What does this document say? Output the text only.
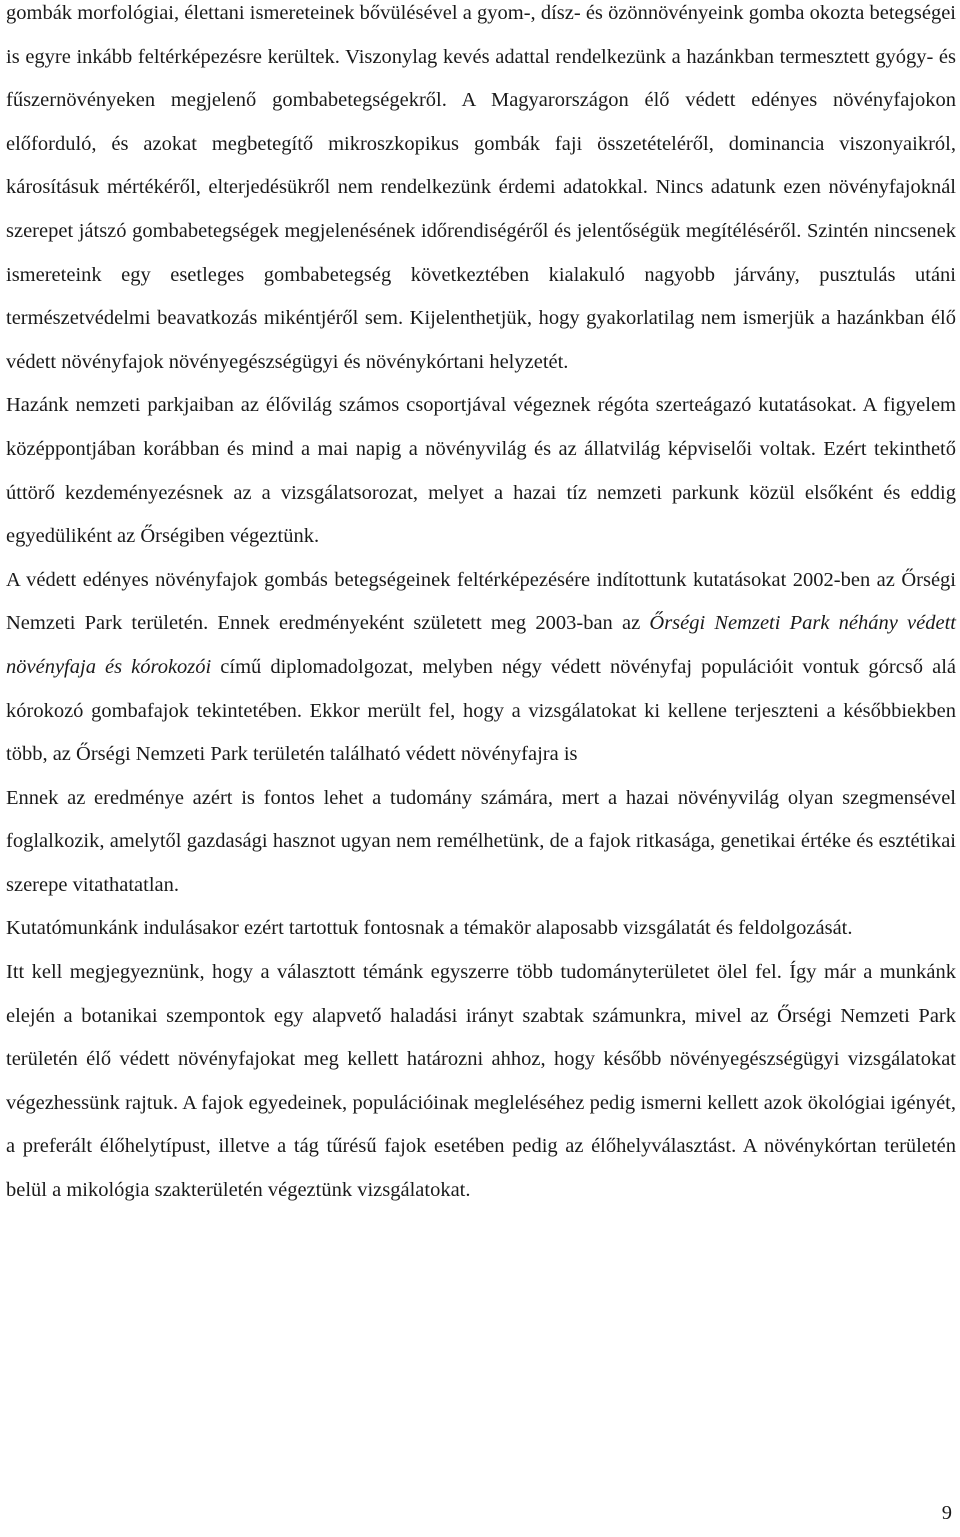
gombák morfológiai, élettani ismereteinek bővülésével a gyom-, dísz- és özönnövényeink gomba okozta betegségei is egyre inkább feltérképezésre kerültek. Viszonylag kevés adattal rendelkezünk a hazánkban termesztett gyógy- és fűszernövényeken megjelenő gombabetegségekről. A Magyarországon élő védett edényes növényfajokon előforduló, és azokat megbetegítő mikroszkopikus gombák faji összetételéről, dominancia viszonyaikról, károsításuk mértékéről, elterjedésükről nem rendelkezünk érdemi adatokkal. Nincs adatunk ezen növényfajoknál szerepet játszó gombabetegségek megjelenésének időrendiségéről és jelentőségük megítéléséről. Szintén nincsenek ismereteink egy esetleges gombabetegség következtében kialakuló nagyobb járvány, pusztulás utáni természetvédelmi beavatkozás mikéntjéről sem. Kijelenthetjük, hogy gyakorlatilag nem ismerjük a hazánkban élő védett növényfajok növényegészségügyi és növénykórtani helyzetét.

Hazánk nemzeti parkjaiban az élővilág számos csoportjával végeznek régóta szerteágazó kutatásokat. A figyelem középpontjában korábban és mind a mai napig a növényvilág és az állatvilág képviselői voltak. Ezért tekinthető úttörő kezdeményezésnek az a vizsgálatsorozat, melyet a hazai tíz nemzeti parkunk közül elsőként és eddig egyedüliként az Őrségiben végeztünk.

A védett edényes növényfajok gombás betegségeinek feltérképezésére indítottunk kutatásokat 2002-ben az Őrségi Nemzeti Park területén. Ennek eredményeként született meg 2003-ban az Őrségi Nemzeti Park néhány védett növényfaja és kórokozói című diplomadolgozat, melyben négy védett növényfaj populációit vontuk górcső alá kórokozó gombafajok tekintetében. Ekkor merült fel, hogy a vizsgálatokat ki kellene terjeszteni a későbbiekben több, az Őrségi Nemzeti Park területén található védett növényfajra is

Ennek az eredménye azért is fontos lehet a tudomány számára, mert a hazai növényvilág olyan szegmensével foglalkozik, amelytől gazdasági hasznot ugyan nem remélhetünk, de a fajok ritkasága, genetikai értéke és esztétikai szerepe vitathatatlan.

Kutatómunkánk indulásakor ezért tartottuk fontosnak a témakör alaposabb vizsgálatát és feldolgozását.

Itt kell megjegyeznünk, hogy a választott témánk egyszerre több tudományterületet ölel fel. Így már a munkánk elején a botanikai szempontok egy alapvető haladási irányt szabtak számunkra, mivel az Őrségi Nemzeti Park területén élő védett növényfajokat meg kellett határozni ahhoz, hogy később növényegészségügyi vizsgálatokat végezhessünk rajtuk. A fajok egyedeinek, populációinak megleléséhez pedig ismerni kellett azok ökológiai igényét, a preferált élőhelytípust, illetve a tág tűrésű fajok esetében pedig az élőhelyválasztást. A növénykórtan területén belül a mikológia szakterületén végeztünk vizsgálatokat.

9
